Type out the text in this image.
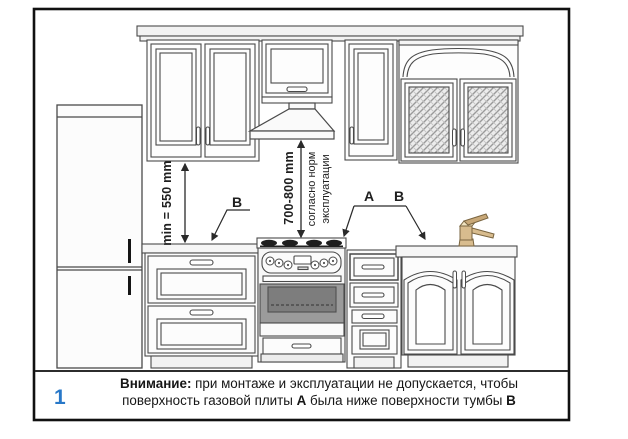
min = 550 mm	700-800 mm согласно норм эксплуатации
B	A B
Внимание: при монтаже и эксплуатации не допускается, чтобы
поверхность газовой плиты А была ниже поверхности тумбы В
1
